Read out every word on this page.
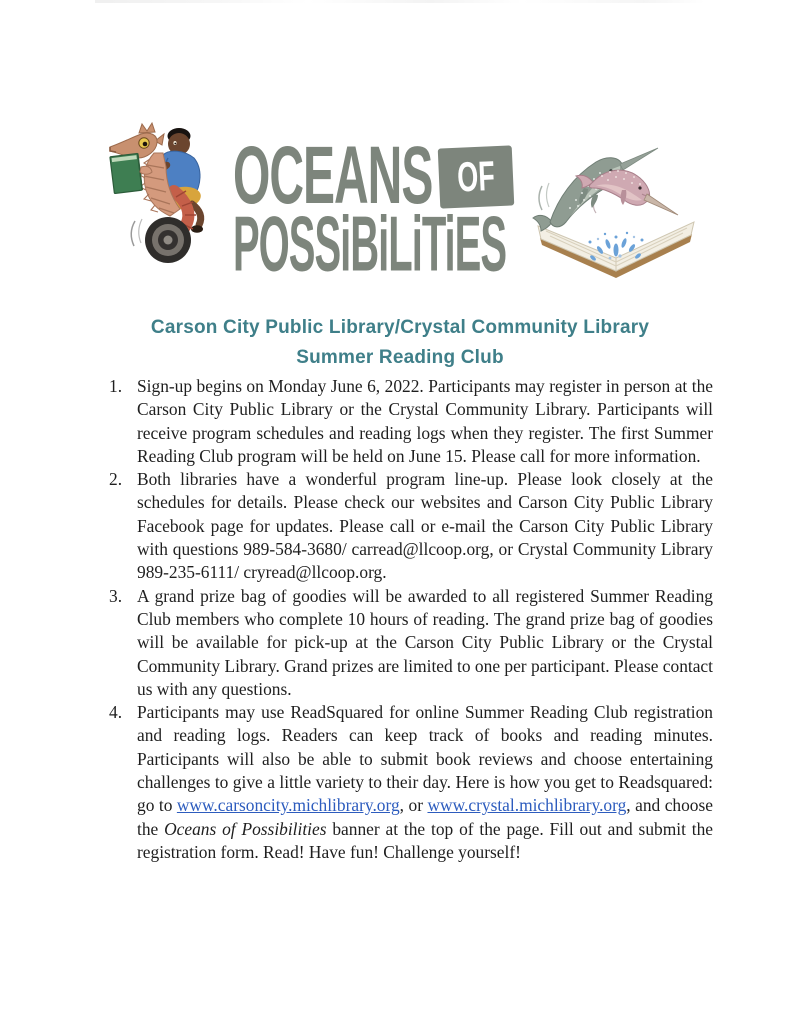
OCEANS OF
POSSiBiLiTiES
Carson City Public Library/Crystal Community Library
Summer Reading Club
1. Sign-up begins on Monday June 6, 2022. Participants may register in person at the Carson City Public Library or the Crystal Community Library. Participants will receive program schedules and reading logs when they register. The first Summer Reading Club program will be held on June 15. Please call for more information.
2. Both libraries have a wonderful program line-up. Please look closely at the schedules for details. Please check our websites and Carson City Public Library Facebook page for updates. Please call or e-mail the Carson City Public Library with questions 989-584-3680/ carread@llcoop.org, or Crystal Community Library 989-235-6111/ cryread@llcoop.org.
3. A grand prize bag of goodies will be awarded to all registered Summer Reading Club members who complete 10 hours of reading. The grand prize bag of goodies will be available for pick-up at the Carson City Public Library or the Crystal Community Library. Grand prizes are limited to one per participant. Please contact us with any questions.
4. Participants may use ReadSquared for online Summer Reading Club registration and reading logs. Readers can keep track of books and reading minutes. Participants will also be able to submit book reviews and choose entertaining challenges to give a little variety to their day. Here is how you get to Readsquared: go to www.carsoncity.michlibrary.org, or www.crystal.michlibrary.org, and choose the Oceans of Possibilities banner at the top of the page. Fill out and submit the registration form. Read! Have fun! Challenge yourself!
